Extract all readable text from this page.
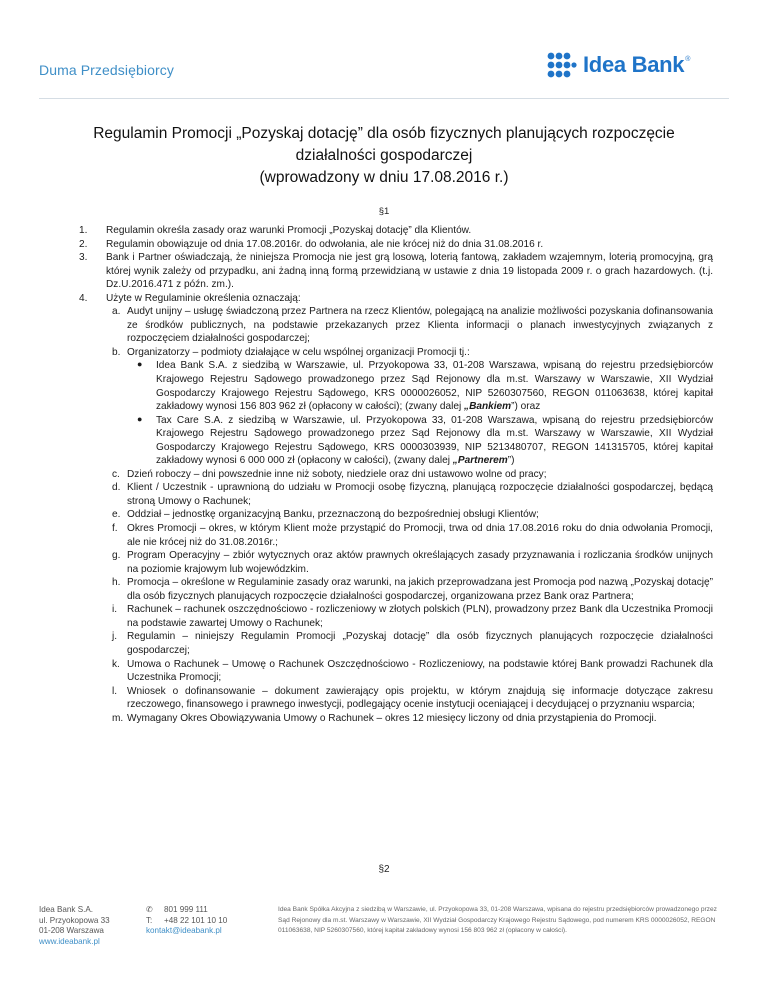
Duma Przedsiębiorcy	Idea Bank ®
Regulamin Promocji „Pozyskaj dotację” dla osób fizycznych planujących rozpoczęcie
działalności gospodarczej
(wprowadzony w dniu 17.08.2016 r.)
§1
1. Regulamin określa zasady oraz warunki Promocji „Pozyskaj dotację” dla Klientów.
2. Regulamin obowiązuje od dnia 17.08.2016r. do odwołania, ale nie krócej niż do dnia 31.08.2016 r.
3. Bank i Partner oświadczają, że niniejsza Promocja nie jest grą losową, loterią fantową, zakładem wzajemnym, loterią promocyjną, grą której wynik zależy od przypadku, ani żadną inną formą przewidzianą w ustawie z dnia 19 listopada 2009 r. o grach hazardowych. (t.j. Dz.U.2016.471 z późn. zm.).
4. Użyte w Regulaminie określenia oznaczają:
a. Audyt unijny – usługę świadczoną przez Partnera na rzecz Klientów, polegającą na analizie możliwości pozyskania dofinansowania ze środków publicznych, na podstawie przekazanych przez Klienta informacji o planach inwestycyjnych związanych z rozpoczęciem działalności gospodarczej;
b. Organizatorzy – podmioty działające w celu wspólnej organizacji Promocji tj.:
● Idea Bank S.A. z siedzibą w Warszawie, ul. Przyokopowa 33, 01-208 Warszawa, wpisaną do rejestru przedsiębiorców Krajowego Rejestru Sądowego prowadzonego przez Sąd Rejonowy dla m.st. Warszawy w Warszawie, XII Wydział Gospodarczy Krajowego Rejestru Sądowego, KRS 0000026052, NIP 5260307560, REGON 011063638, której kapitał zakładowy wynosi 156 803 962 zł (opłacony w całości); (zwany dalej „Bankiem”) oraz
● Tax Care S.A. z siedzibą w Warszawie, ul. Przyokopowa 33, 01-208 Warszawa, wpisaną do rejestru przedsiębiorców Krajowego Rejestru Sądowego prowadzonego przez Sąd Rejonowy dla m.st. Warszawy w Warszawie, XII Wydział Gospodarczy Krajowego Rejestru Sądowego, KRS 0000303939, NIP 5213480707, REGON 141315705, której kapitał zakładowy wynosi 6 000 000 zł (opłacony w całości), (zwany dalej „Partnerem”)
c. Dzień roboczy – dni powszednie inne niż soboty, niedziele oraz dni ustawowo wolne od pracy;
d. Klient / Uczestnik - uprawnioną do udziału w Promocji osobę fizyczną, planującą rozpoczęcie działalności gospodarczej, będącą stroną Umowy o Rachunek;
e. Oddział – jednostkę organizacyjną Banku, przeznaczoną do bezpośredniej obsługi Klientów;
f. Okres Promocji – okres, w którym Klient może przystąpić do Promocji, trwa od dnia 17.08.2016 roku do dnia odwołania Promocji, ale nie krócej niż do 31.08.2016r.;
g. Program Operacyjny – zbiór wytycznych oraz aktów prawnych określających zasady przyznawania i rozliczania środków unijnych na poziomie krajowym lub wojewódzkim.
h. Promocja – określone w Regulaminie zasady oraz warunki, na jakich przeprowadzana jest Promocja pod nazwą „Pozyskaj dotację” dla osób fizycznych planujących rozpoczęcie działalności gospodarczej, organizowana przez Bank oraz Partnera;
i. Rachunek – rachunek oszczędnościowo - rozliczeniowy w złotych polskich (PLN), prowadzony przez Bank dla Uczestnika Promocji na podstawie zawartej Umowy o Rachunek;
j. Regulamin – niniejszy Regulamin Promocji „Pozyskaj dotację” dla osób fizycznych planujących rozpoczęcie działalności gospodarczej;
k. Umowa o Rachunek – Umowę o Rachunek Oszczędnościowo - Rozliczeniowy, na podstawie której Bank prowadzi Rachunek dla Uczestnika Promocji;
l. Wniosek o dofinansowanie – dokument zawierający opis projektu, w którym znajdują się informacje dotyczące zakresu rzeczowego, finansowego i prawnego inwestycji, podlegający ocenie instytucji oceniającej i decydującej o przyznaniu wsparcia;
m. Wymagany Okres Obowiązywania Umowy o Rachunek – okres 12 miesięcy liczony od dnia przystąpienia do Promocji.
§2
Idea Bank S.A.
ul. Przyokopowa 33
01-208 Warszawa
www.ideabank.pl
✆ 801 999 111
T: +48 22 101 10 10
kontakt@ideabank.pl
Idea Bank Spółka Akcyjna z siedzibą w Warszawie, ul. Przyokopowa 33, 01-208 Warszawa, wpisana do rejestru przedsiębiorców prowadzonego przez Sąd Rejonowy dla m.st. Warszawy w Warszawie, XII Wydział Gospodarczy Krajowego Rejestru Sądowego, pod numerem KRS 0000026052, REGON 011063638, NIP 5260307560, której kapitał zakładowy wynosi 156 803 962 zł (opłacony w całości).
